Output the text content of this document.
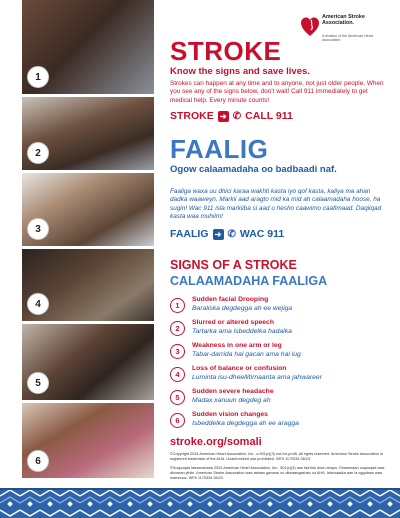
1
2
3
4
5
6
American Stroke Association.
A division of the American Heart Association
STROKE
Know the signs and save lives.
Strokes can happen at any time and to anyone, not just older people. When you see any of the signs below, don’t wait! Call 911 immediately to get medical help. Every minute counts!
STROKE ➜ ✆ CALL 911
FAALIG
Ogow calaamadaha oo badbaadi naf.
Faaliga waxa uu dhici karaa wakhti kasta iyo qof kasta, kaliya ma ahan dadka waaweyn. Markii aad aragto mid ka mid ah calaamadaha hoose, ha sugin! Wac 911 isla markiiba si aad u hesho caawimo caafimaad. Daqiiqad kasta waa muhiim!
FAALIG ➜ ✆ WAC 911
SIGNS OF A STROKE
CALAAMADAHA FAALIGA
1
Sudden facial Drooping
Baraliska degdegga ah ee wejiga
2
Slurred or altered speech
Tartarka ama isbeddelka hadalka
3
Weakness in one arm or leg
Tabar-darrida hal gacan ama hal lug
4
Loss of balance or confusion
Luminta isu-dheellitirnaanta ama jahwareer
5
Sudden severe headache
Madax xanuun degdeg ah
6
Sudden vision changes
Isbeddelka degdegga ah ee aragga
stroke.org/somali
©Copyright 2024 American Heart Association, Inc., a 501(c)(3) not-for-profit. All rights reserved. American Stroke Association is registered trademark of the AHA. Unauthorized use prohibited. WF# 1170334 06/23
©Xuquuqda lahaanshaha 2024 American Heart Association, Inc., 501(c)(3) aan faa'iido doon ahayn. Dhammaan xuquuqda waa dhowran yihiin. American Stroke Association waa astaan ganacsi oo diiwaangashan oo AHA. Isticmaalka aan la oggolaan waa mamnuuc. WF# 1170334 06/23
